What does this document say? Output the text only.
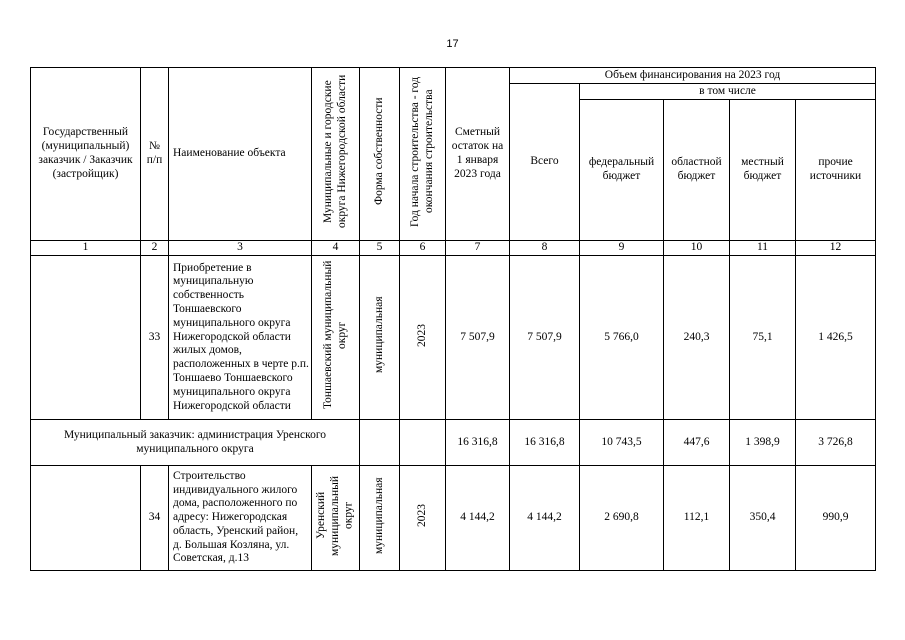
17
Государственный (муниципальный) заказчик / Заказчик (застройщик)	№ п/п	Наименование объекта	Муниципальные и городские округа Нижегородской области	Форма собственности	Год начала строительства - год окончания строительства	Сметный остаток на 1 января 2023 года	Объем финансирования на 2023 год				
							Всего	в том числе			
								федеральный бюджет	областной бюджет	местный бюджет	прочие источники
1	2	3	4	5	6	7	8	9	10	11	12
	33	Приобретение в муниципальную собственность Тоншаевского муниципального округа Нижегородской области жилых домов, расположенных в черте р.п. Тоншаево Тоншаевского муниципального округа Нижегородской области	Тоншаевский муниципальный округ	муниципальная	2023	7 507,9	7 507,9	5 766,0	240,3	75,1	1 426,5
Муниципальный заказчик: администрация Уренского муниципального округа						16 316,8	16 316,8	10 743,5	447,6	1 398,9	3 726,8
	34	Строительство индивидуального жилого дома, расположенного по адресу: Нижегородская область, Уренский район, д. Большая Козляна, ул. Советская, д.13	Уренский муниципальный округ	муниципальная	2023	4 144,2	4 144,2	2 690,8	112,1	350,4	990,9
